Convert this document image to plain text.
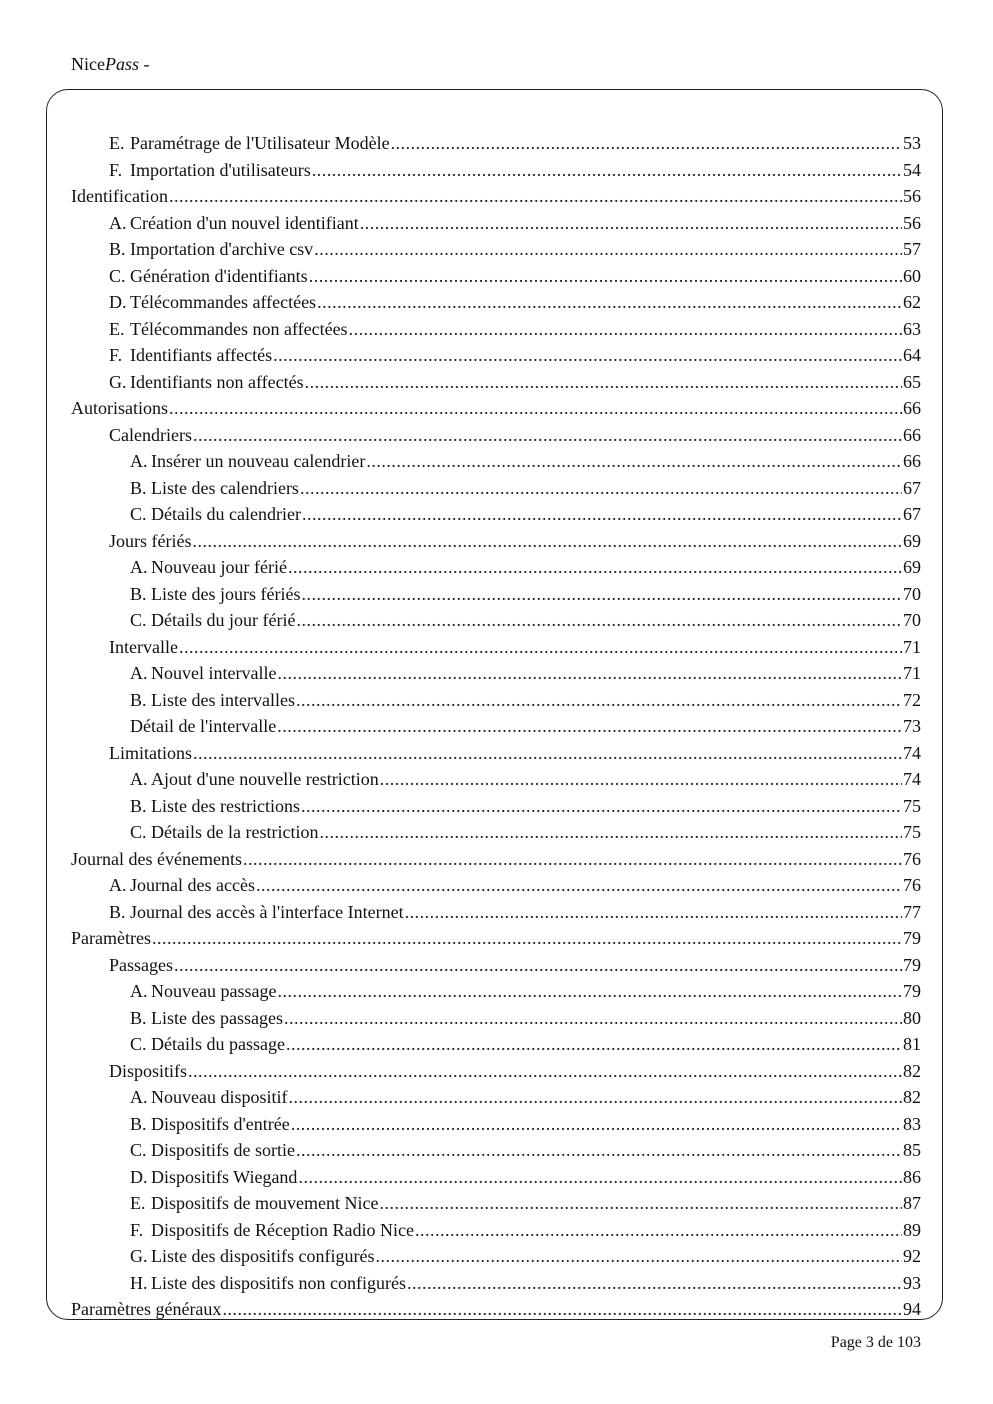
NicePass -
E. Paramétrage de l'Utilisateur Modèle .....	53
F. Importation d'utilisateurs .....	54
Identification .....	56
A. Création d'un nouvel identifiant .....	56
B. Importation d'archive csv .....	57
C. Génération d'identifiants .....	60
D. Télécommandes affectées .....	62
E. Télécommandes non affectées .....	63
F. Identifiants affectés .....	64
G. Identifiants non affectés .....	65
Autorisations .....	66
Calendriers .....	66
A. Insérer un nouveau calendrier .....	66
B. Liste des calendriers .....	67
C. Détails du calendrier .....	67
Jours fériés .....	69
A. Nouveau jour férié .....	69
B. Liste des jours fériés .....	70
C. Détails du jour férié .....	70
Intervalle .....	71
A. Nouvel intervalle .....	71
B. Liste des intervalles .....	72
Détail de l'intervalle .....	73
Limitations .....	74
A. Ajout d'une nouvelle restriction .....	74
B. Liste des restrictions .....	75
C. Détails de la restriction .....	75
Journal des événements .....	76
A. Journal des accès .....	76
B. Journal des accès à l'interface Internet .....	77
Paramètres .....	79
Passages .....	79
A. Nouveau passage .....	79
B. Liste des passages .....	80
C. Détails du passage .....	81
Dispositifs .....	82
A. Nouveau dispositif .....	82
B. Dispositifs d'entrée .....	83
C. Dispositifs de sortie .....	85
D. Dispositifs Wiegand .....	86
E. Dispositifs de mouvement Nice .....	87
F. Dispositifs de Réception Radio Nice .....	89
G. Liste des dispositifs configurés .....	92
H. Liste des dispositifs non configurés .....	93
Paramètres généraux .....	94
Page 3 de 103
